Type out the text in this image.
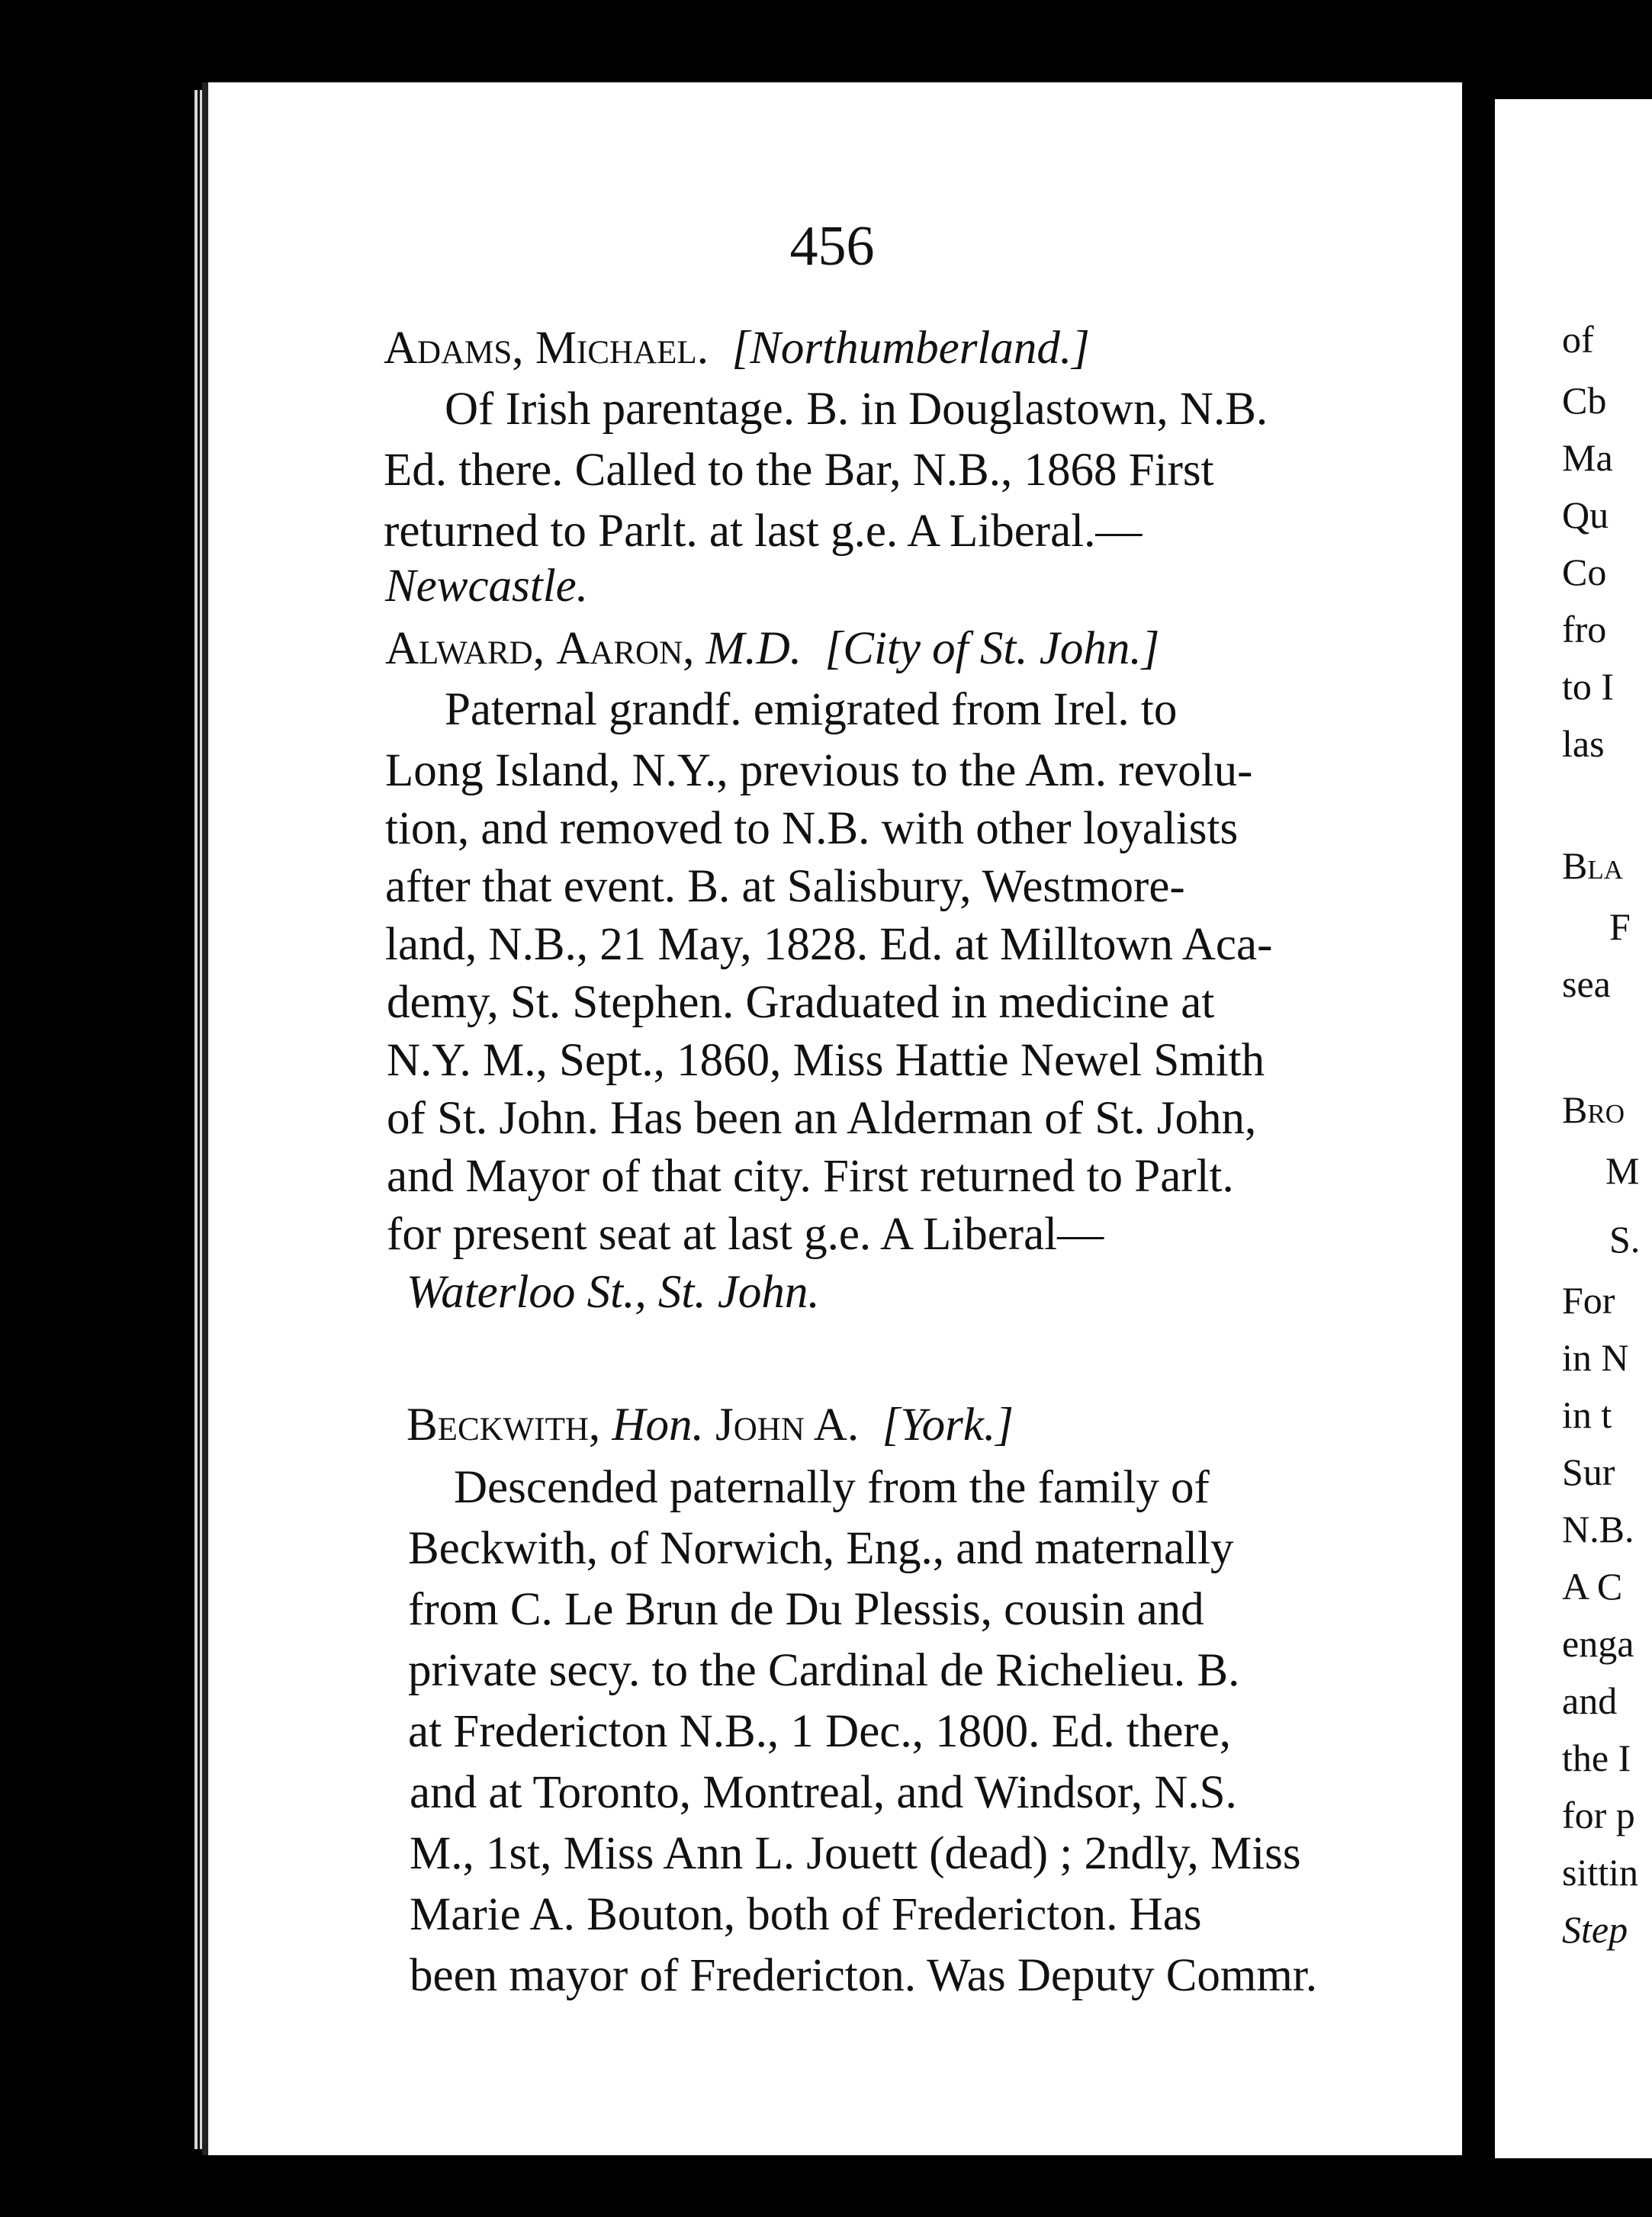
456
Adams, Michael. [Northumberland.]
Of Irish parentage. B. in Douglastown, N.B.
Ed. there. Called to the Bar, N.B., 1868 First
returned to Parlt. at last g.e. A Liberal.—
Newcastle.
Alward, Aaron, M.D. [City of St. John.]
Paternal grandf. emigrated from Irel. to
Long Island, N.Y., previous to the Am. revolu-
tion, and removed to N.B. with other loyalists
after that event. B. at Salisbury, Westmore-
land, N.B., 21 May, 1828. Ed. at Milltown Aca-
demy, St. Stephen. Graduated in medicine at
N.Y. M., Sept., 1860, Miss Hattie Newel Smith
of St. John. Has been an Alderman of St. John,
and Mayor of that city. First returned to Parlt.
for present seat at last g.e. A Liberal—
Waterloo St., St. John.
Beckwith, Hon. John A. [York.]
Descended paternally from the family of
Beckwith, of Norwich, Eng., and maternally
from C. Le Brun de Du Plessis, cousin and
private secy. to the Cardinal de Richelieu. B.
at Fredericton N.B., 1 Dec., 1800. Ed. there,
and at Toronto, Montreal, and Windsor, N.S.
M., 1st, Miss Ann L. Jouett (dead) ; 2ndly, Miss
Marie A. Bouton, both of Fredericton. Has
been mayor of Fredericton. Was Deputy Commr.
of
Cb
Ma
Qu
Co
fro
to I
las
Bla
F
sea
Bro
M
S.
For
in N
in t
Sur
N.B.
A C
enga
and
the I
for p
sittin
Step
